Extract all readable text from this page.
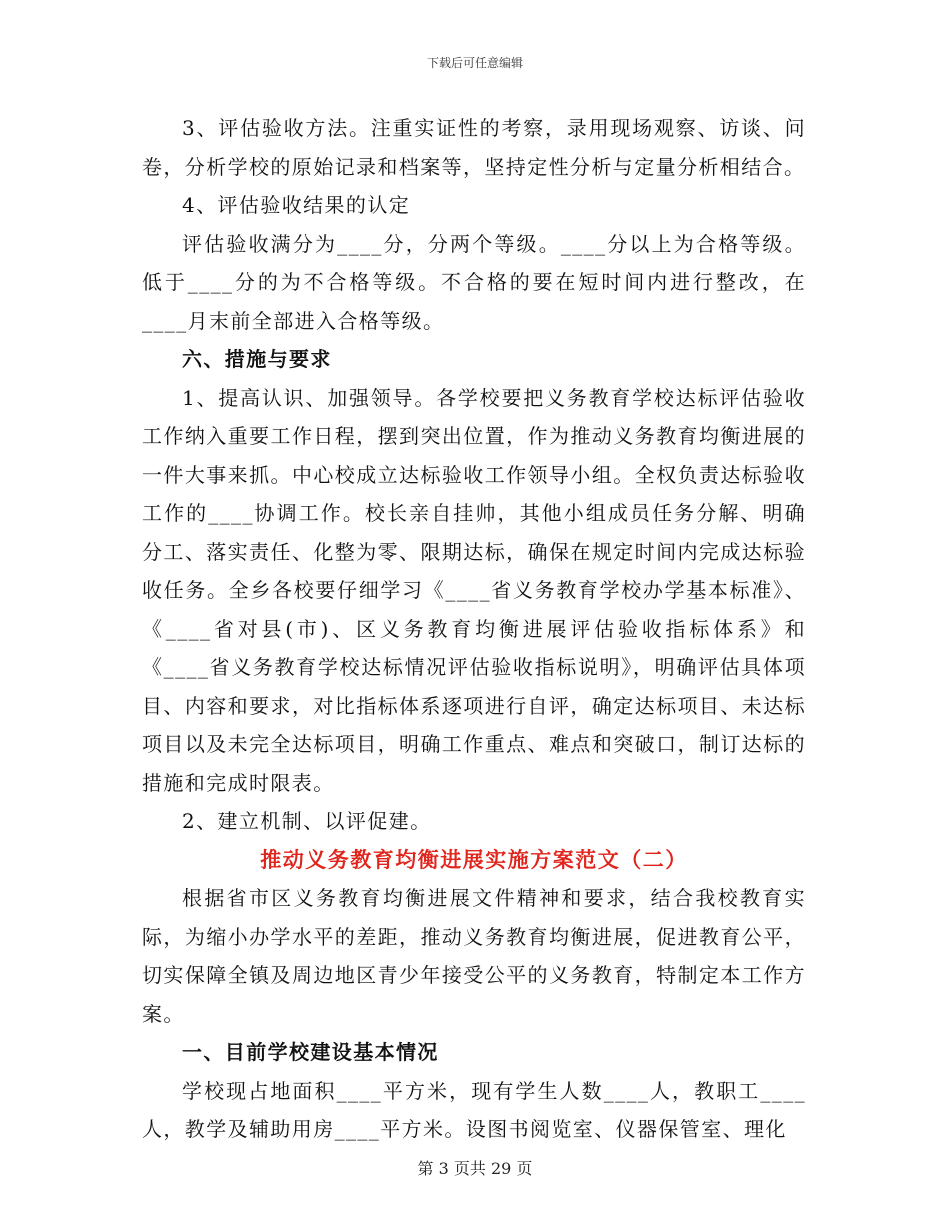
下载后可任意编辑

3、评估验收方法。注重实证性的考察，录用现场观察、访谈、问卷，分析学校的原始记录和档案等，坚持定性分析与定量分析相结合。

4、评估验收结果的认定

评估验收满分为____分，分两个等级。____分以上为合格等级。低于____分的为不合格等级。不合格的要在短时间内进行整改，在____月末前全部进入合格等级。

六、措施与要求

1、提高认识、加强领导。各学校要把义务教育学校达标评估验收工作纳入重要工作日程，摆到突出位置，作为推动义务教育均衡进展的一件大事来抓。中心校成立达标验收工作领导小组。全权负责达标验收工作的____协调工作。校长亲自挂帅，其他小组成员任务分解、明确分工、落实责任、化整为零、限期达标，确保在规定时间内完成达标验收任务。全乡各校要仔细学习《____省义务教育学校办学基本标准》、《____省对县(市)、区义务教育均衡进展评估验收指标体系》和《____省义务教育学校达标情况评估验收指标说明》，明确评估具体项目、内容和要求，对比指标体系逐项进行自评，确定达标项目、未达标项目以及未完全达标项目，明确工作重点、难点和突破口，制订达标的措施和完成时限表。

2、建立机制、以评促建。

推动义务教育均衡进展实施方案范文（二）

根据省市区义务教育均衡进展文件精神和要求，结合我校教育实际，为缩小办学水平的差距，推动义务教育均衡进展，促进教育公平，切实保障全镇及周边地区青少年接受公平的义务教育，特制定本工作方案。

一、目前学校建设基本情况

学校现占地面积____平方米，现有学生人数____人，教职工____人，教学及辅助用房____平方米。设图书阅览室、仪器保管室、理化

第 3 页共 29 页
